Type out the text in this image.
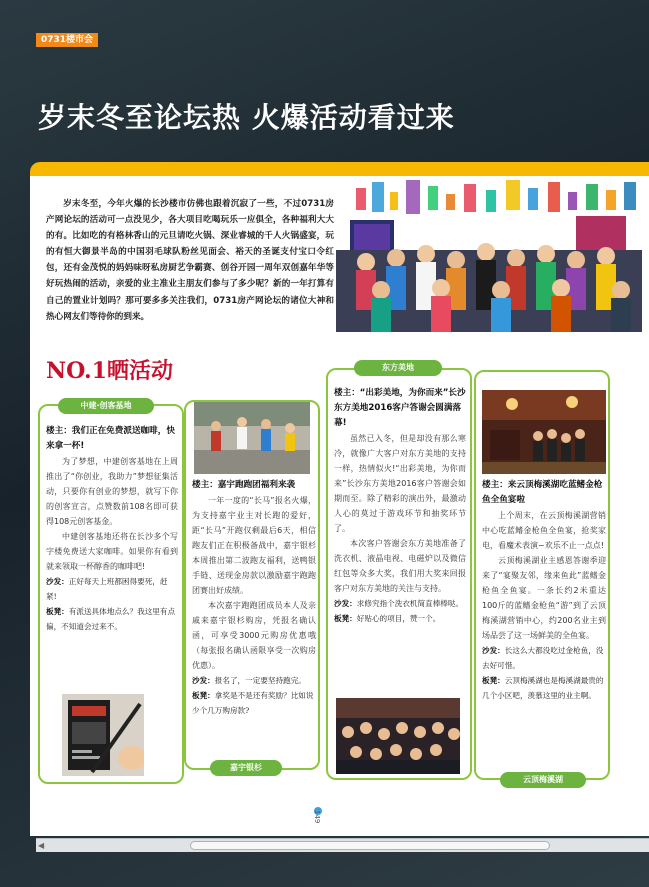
0731楼市会
岁末冬至论坛热 火爆活动看过来
岁末冬至，今年火爆的长沙楼市仿佛也跟着沉寂了一些，不过0731房产网论坛的活动可一点没见少，各大项目吃喝玩乐一应俱全，各种福利大大的有。比如吃的有格林香山的元旦请吃火锅、深业睿城的千人火锅盛宴，玩的有恒大御景半岛的中国羽毛球队粉丝见面会、裕天的圣诞支付宝口令红包，还有金茂悦的妈妈味呀私房厨艺争霸赛、创谷开园一周年双创嘉年华等好玩热闹的活动，亲爱的业主准业主朋友们参与了多少呢？新的一年打算有自己的置业计划吗？那可要多多关注我们，0731房产网论坛的诸位大神和热心网友们等待你的到来。
NO.1晒活动
中建·创客基地
楼主：我们正在免费派送咖啡，快来拿一杯!

为了梦想，中建创客基地在上周推出了“你创业，我助力”梦想征集活动，只要你有创业的梦想，就写下你的创客宣言，点赞数前108名即可获得108元创客基金。

中建创客基地还将在长沙多个写字楼免费送大家咖啡。如果你有看到就来领取一杯醇香的咖啡吧!

沙发：正好每天上班都困得要死，赶紧!
板凳：有派送具体地点么？我这里有点偏，不知道会过来不。
楼主：嘉宇跑跑团福利来袭

一年一度的“长马”报名火爆，为支持嘉宇业主对长跑的爱好，距“长马”开跑仅剩最后6天，相信跑友们正在积极备战中，嘉宇银杉本周推出第二波跑友福利，送鸭银手链、送现金房款以激励嘉宇跑跑团赛出好成绩。

本次嘉宇跑跑团成员本人及亲戚来嘉宇银杉购房，凭报名确认函，可享受3000元购房优惠哦（每张报名确认函限享受一次购房优惠）。

沙发：报名了，一定要坚持跑完。
板凳：拿奖是不是还有奖励？比如说少个几万购房款?
嘉宇银杉
东方美地
楼主：“出彩美地，为你而来”长沙东方美地2016客户答谢会圆满落幕!

虽然已入冬，但是却没有那么寒冷，就像广大客户对东方美地的支持一样，热情似火!“出彩美地，为你而来”长沙东方美地2016客户答谢会如期而至。除了精彩的演出外，最激动人心的莫过于游戏环节和抽奖环节了。

本次客户答谢会东方美地准备了洗衣机、液晶电视、电磁炉以及微信红包等众多大奖，我们用大奖来回报客户对东方美地的关注与支持。

沙发：求修究指个洗衣机简直棒棒哒。
板凳：好贴心的项目，赞一个。
楼主：来云顶梅溪湖吃蓝鳍金枪鱼全鱼宴啦

上个周末，在云顶梅溪湖营销中心吃蓝鳍金枪鱼全鱼宴，抢奖家电，看魔术表演~欢乐不止一点点!

云顶梅溪湖业主感恩答谢季迎来了“宴聚友邻，缘来鱼此”蓝鳍金枪鱼全鱼宴。一条长约2米重达100斤的蓝鳍金枪鱼“游”到了云顶梅溪湖营销中心，约200名业主到场品尝了这一场鲜美的全鱼宴。

沙发：长这么大都没吃过金枪鱼，没去好可惜。
板凳：云顶梅溪湖也是梅溪湖最贵的几个小区吧，羡慕这里的业主啊。
云顶梅溪湖
149
◀
